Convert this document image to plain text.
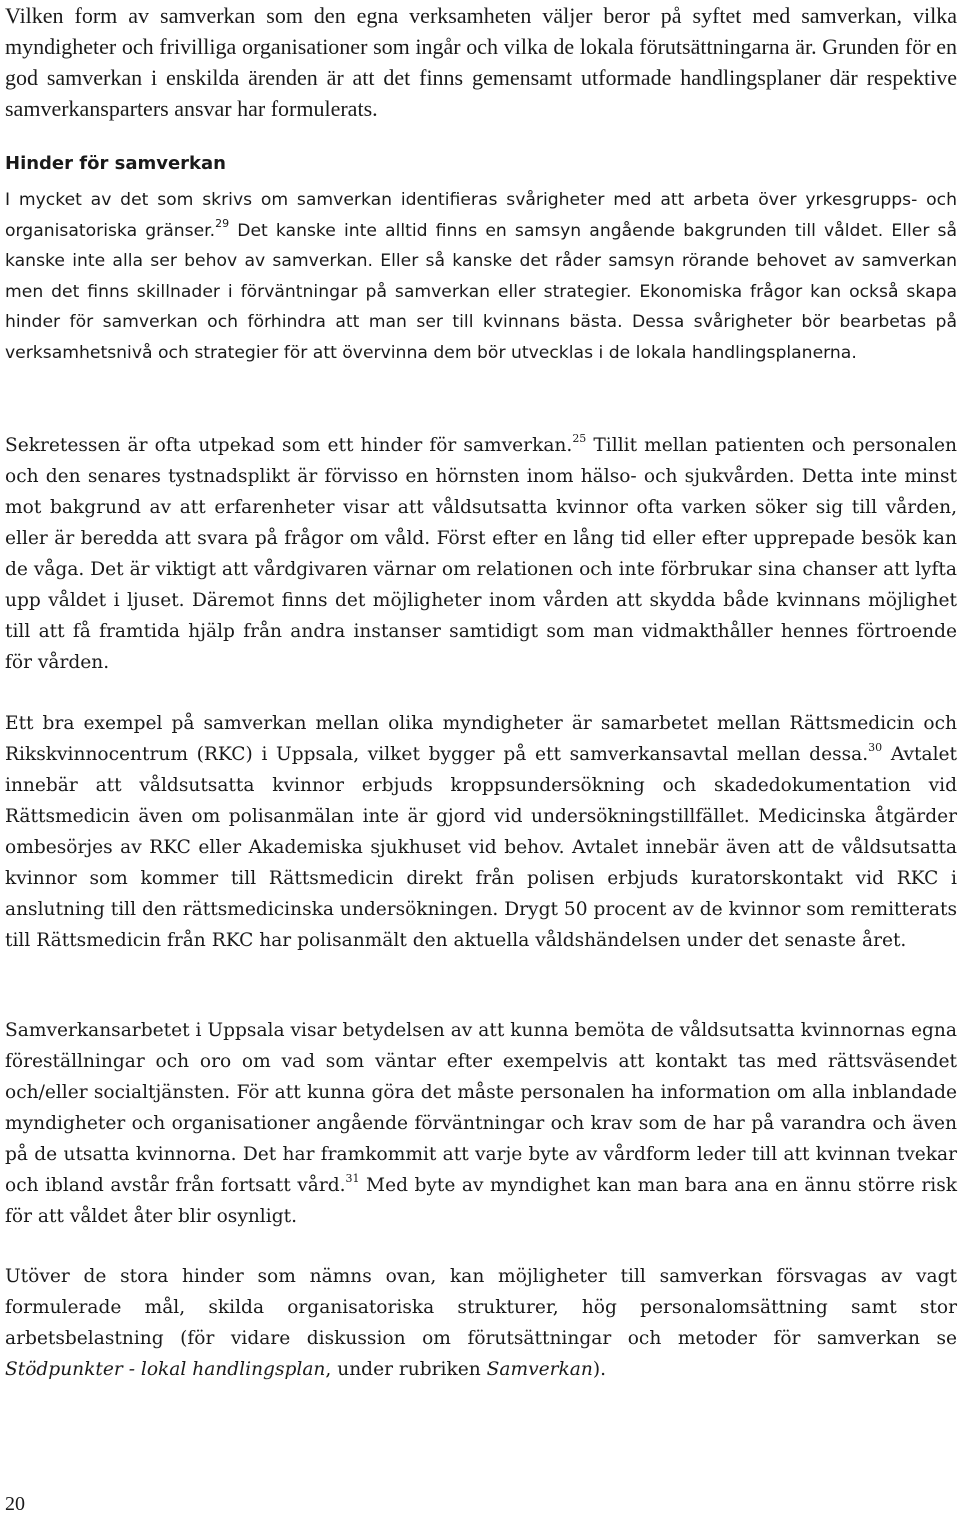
Vilken form av samverkan som den egna verksamheten väljer beror på syftet med samverkan, vilka myndigheter och frivilliga organisationer som ingår och vilka de lokala förutsättningarna är. Grunden för en god samverkan i enskilda ärenden är att det finns gemensamt utformade handlingsplaner där respektive samverkansparters ansvar har formulerats.

Hinder för samverkan

I mycket av det som skrivs om samverkan identifieras svårigheter med att arbeta över yrkesgrupps- och organisatoriska gränser.$^{29}$ Det kanske inte alltid finns en samsyn angående bakgrunden till våldet. Eller så kanske inte alla ser behov av samverkan. Eller så kanske det råder samsyn rörande behovet av samverkan men det finns skillnader i förväntningar på samverkan eller strategier. Ekonomiska frågor kan också skapa hinder för samverkan och förhindra att man ser till kvinnans bästa. Dessa svårigheter bör bearbetas på verksamhetsnivå och strategier för att övervinna dem bör utvecklas i de lokala handlingsplanerna.

Sekretessen är ofta utpekad som ett hinder för samverkan.$^{25}$ Tillit mellan patienten och personalen och den senares tystnadsplikt är förvisso en hörnsten inom hälso- och sjukvården. Detta inte minst mot bakgrund av att erfarenheter visar att våldsutsatta kvinnor ofta varken söker sig till vården, eller är beredda att svara på frågor om våld. Först efter en lång tid eller efter upprepade besök kan de våga. Det är viktigt att vårdgivaren värnar om relationen och inte förbrukar sina chanser att lyfta upp våldet i ljuset. Däremot finns det möjligheter inom vården att skydda både kvinnans möjlighet till att få framtida hjälp från andra instanser samtidigt som man vidmakthåller hennes förtroende för vården.

Ett bra exempel på samverkan mellan olika myndigheter är samarbetet mellan Rättsmedicin och Rikskvinnocentrum (RKC) i Uppsala, vilket bygger på ett samverkansavtal mellan dessa.$^{30}$ Avtalet innebär att våldsutsatta kvinnor erbjuds kroppsundersökning och skadedokumentation vid Rättsmedicin även om polisanmälan inte är gjord vid undersökningstillfället. Medicinska åtgärder ombesörjes av RKC eller Akademiska sjukhuset vid behov. Avtalet innebär även att de våldsutsatta kvinnor som kommer till Rättsmedicin direkt från polisen erbjuds kuratorskontakt vid RKC i anslutning till den rättsmedicinska undersökningen. Drygt 50 procent av de kvinnor som remitterats till Rättsmedicin från RKC har polisanmält den aktuella våldshändelsen under det senaste året.

Samverkansarbetet i Uppsala visar betydelsen av att kunna bemöta de våldsutsatta kvinnornas egna föreställningar och oro om vad som väntar efter exempelvis att kontakt tas med rättsväsendet och/eller socialtjänsten. För att kunna göra det måste personalen ha information om alla inblandade myndigheter och organisationer angående förväntningar och krav som de har på varandra och även på de utsatta kvinnorna. Det har framkommit att varje byte av vårdform leder till att kvinnan tvekar och ibland avstår från fortsatt vård.$^{31}$ Med byte av myndighet kan man bara ana en ännu större risk för att våldet åter blir osynligt.

Utöver de stora hinder som nämns ovan, kan möjligheter till samverkan försvagas av vagt formulerade mål, skilda organisatoriska strukturer, hög personalomsättning samt stor arbetsbelastning (för vidare diskussion om förutsättningar och metoder för samverkan se Stödpunkter - lokal handlingsplan, under rubriken Samverkan).

20
